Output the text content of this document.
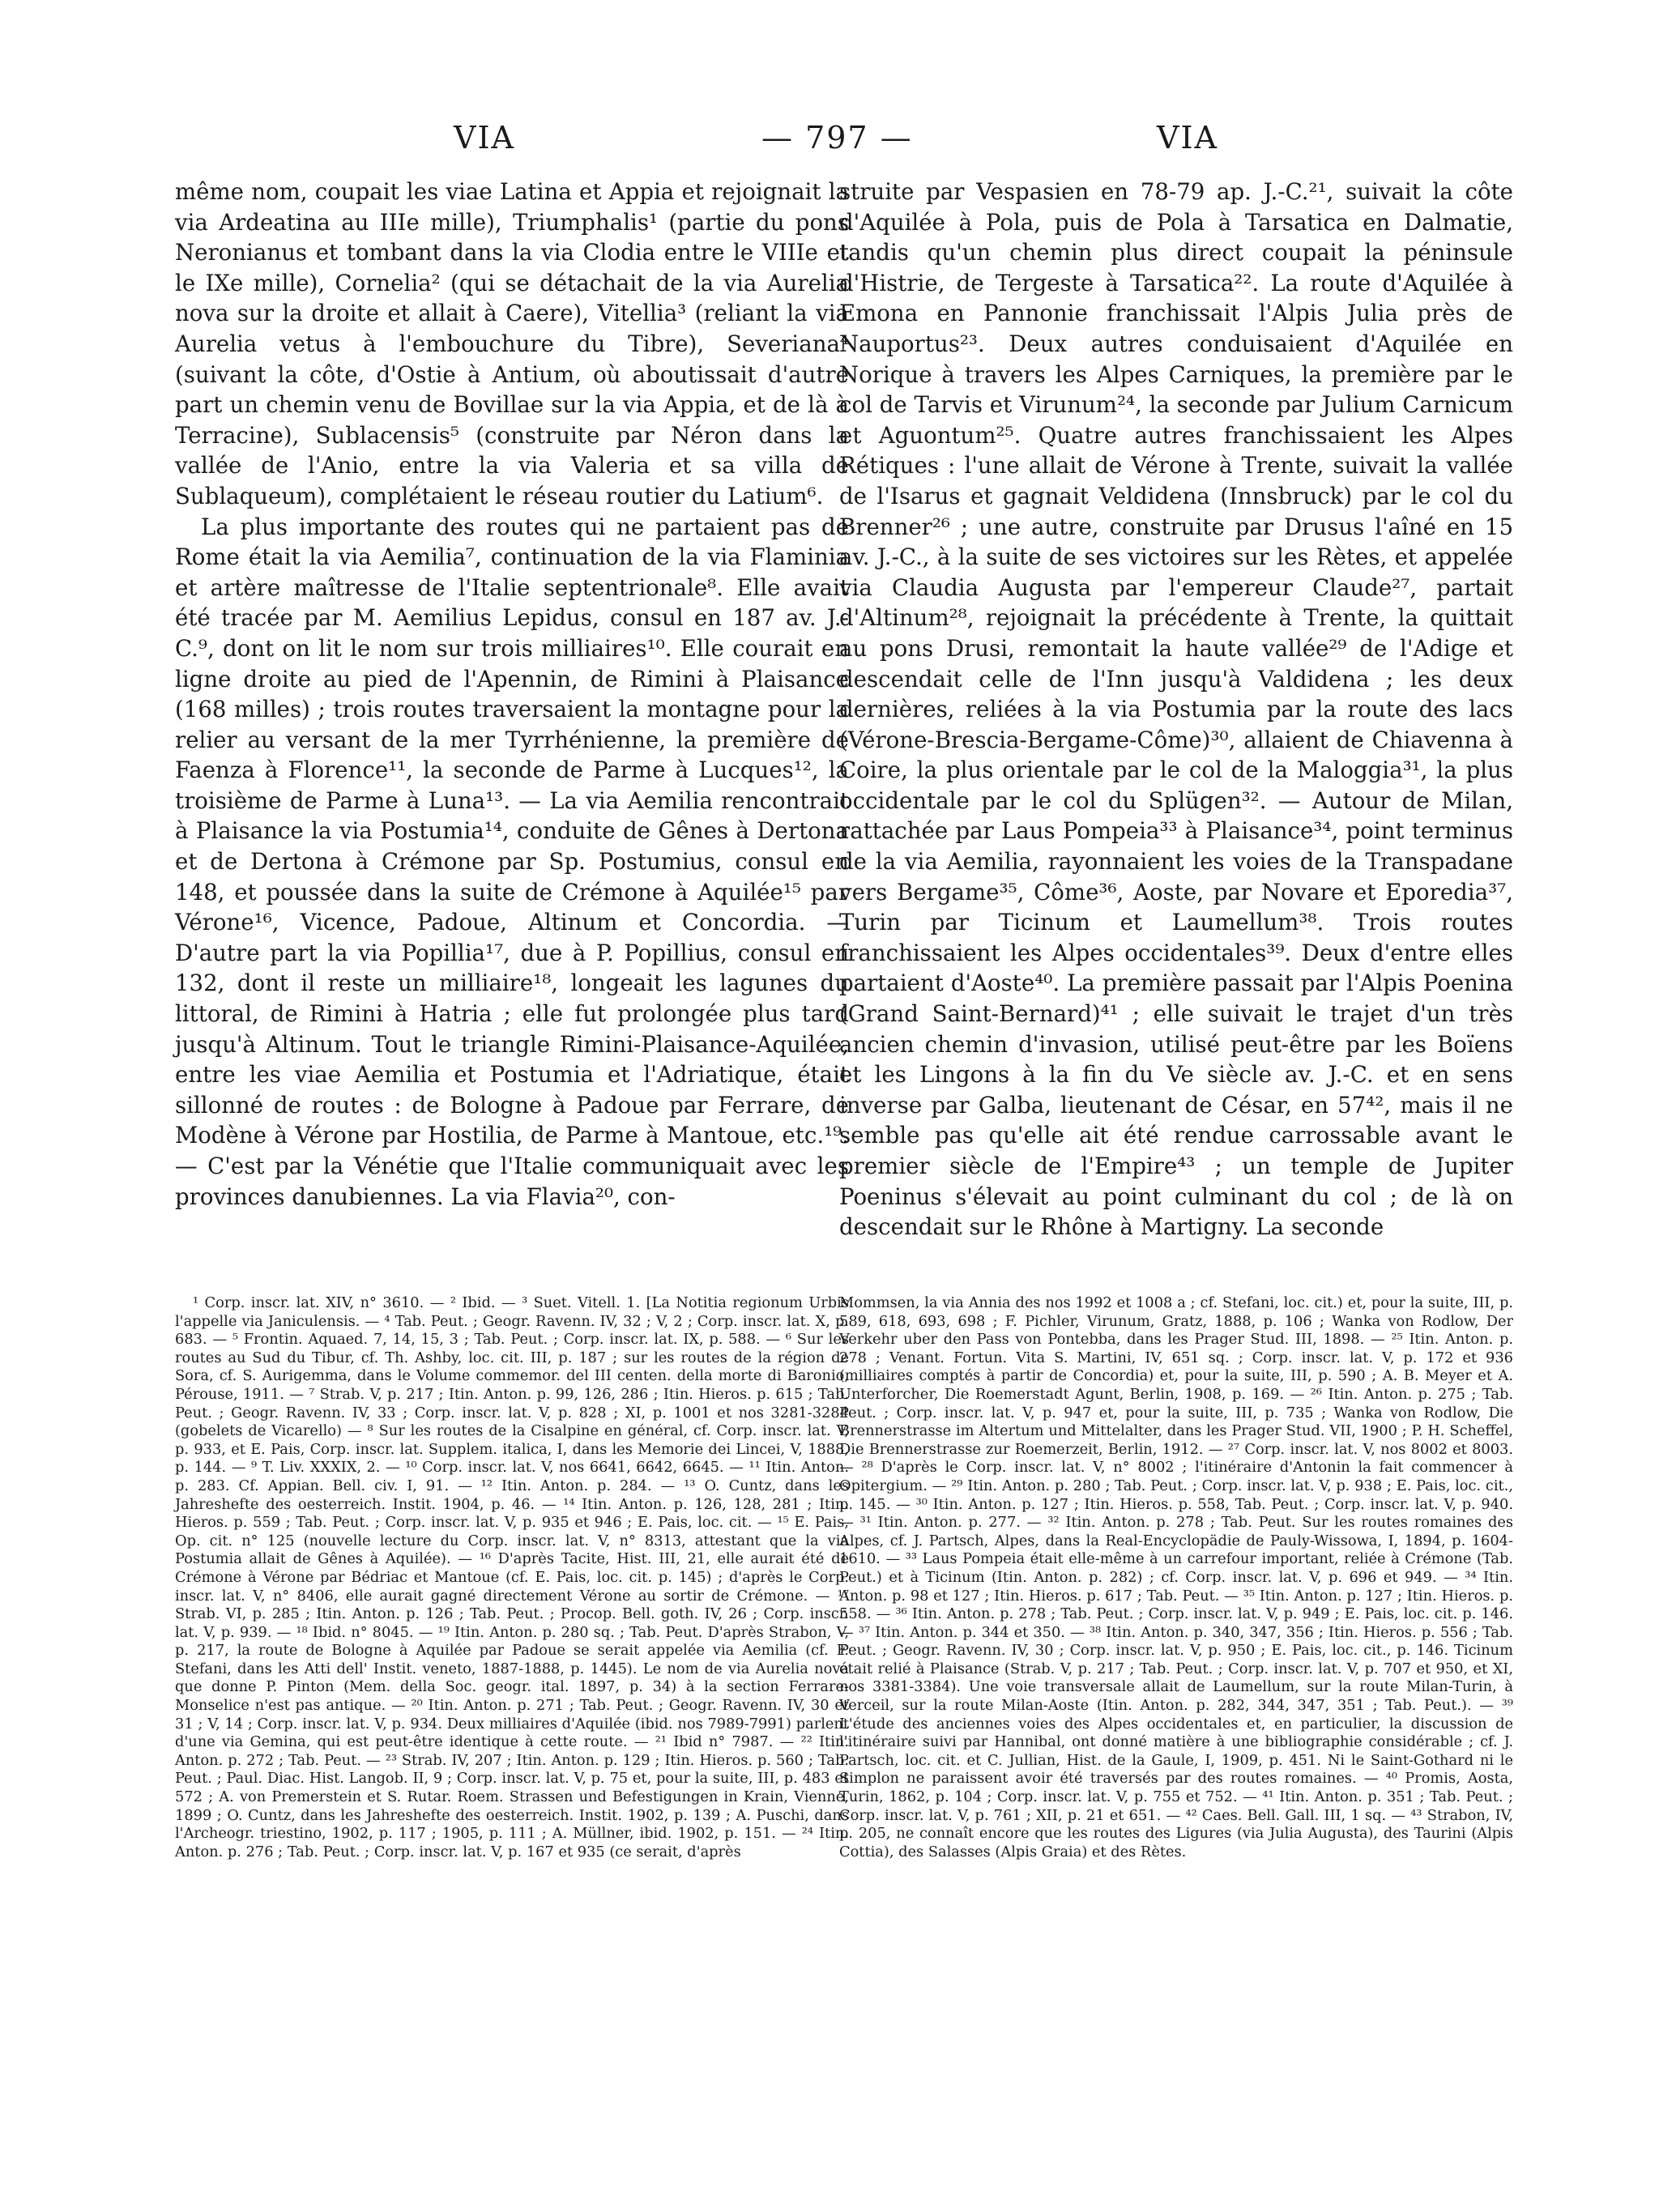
VIA	— 797 —	VIA

même nom, coupait les viae Latina et Appia et rejoignait la via Ardeatina au IIIe mille), Triumphalis¹ (partie du pons Neronianus et tombant dans la via Clodia entre le VIIIe et le IXe mille), Cornelia² (qui se détachait de la via Aurelia nova sur la droite et allait à Caere), Vitellia³ (reliant la via Aurelia vetus à l'embouchure du Tibre), Severiana⁴ (suivant la côte, d'Ostie à Antium, où aboutissait d'autre part un chemin venu de Bovillae sur la via Appia, et de là à Terracine), Sublacensis⁵ (construite par Néron dans la vallée de l'Anio, entre la via Valeria et sa villa de Sublaqueum), complétaient le réseau routier du Latium⁶.

La plus importante des routes qui ne partaient pas de Rome était la via Aemilia⁷, continuation de la via Flaminia et artère maîtresse de l'Italie septentrionale⁸. Elle avait été tracée par M. Aemilius Lepidus, consul en 187 av. J.-C.⁹, dont on lit le nom sur trois milliaires¹⁰. Elle courait en ligne droite au pied de l'Apennin, de Rimini à Plaisance (168 milles) ; trois routes traversaient la montagne pour la relier au versant de la mer Tyrrhénienne, la première de Faenza à Florence¹¹, la seconde de Parme à Lucques¹², la troisième de Parme à Luna¹³. — La via Aemilia rencontrait à Plaisance la via Postumia¹⁴, conduite de Gênes à Dertona et de Dertona à Crémone par Sp. Postumius, consul en 148, et poussée dans la suite de Crémone à Aquilée¹⁵ par Vérone¹⁶, Vicence, Padoue, Altinum et Concordia. — D'autre part la via Popillia¹⁷, due à P. Popillius, consul en 132, dont il reste un milliaire¹⁸, longeait les lagunes du littoral, de Rimini à Hatria ; elle fut prolongée plus tard jusqu'à Altinum. Tout le triangle Rimini-Plaisance-Aquilée, entre les viae Aemilia et Postumia et l'Adriatique, était sillonné de routes : de Bologne à Padoue par Ferrare, de Modène à Vérone par Hostilia, de Parme à Mantoue, etc.¹⁹. — C'est par la Vénétie que l'Italie communiquait avec les provinces danubiennes. La via Flavia²⁰, con-

struite par Vespasien en 78-79 ap. J.-C.²¹, suivait la côte d'Aquilée à Pola, puis de Pola à Tarsatica en Dalmatie, tandis qu'un chemin plus direct coupait la péninsule d'Histrie, de Tergeste à Tarsatica²². La route d'Aquilée à Emona en Pannonie franchissait l'Alpis Julia près de Nauportus²³. Deux autres conduisaient d'Aquilée en Norique à travers les Alpes Carniques, la première par le col de Tarvis et Virunum²⁴, la seconde par Julium Carnicum et Aguontum²⁵. Quatre autres franchissaient les Alpes Rétiques : l'une allait de Vérone à Trente, suivait la vallée de l'Isarus et gagnait Veldidena (Innsbruck) par le col du Brenner²⁶ ; une autre, construite par Drusus l'aîné en 15 av. J.-C., à la suite de ses victoires sur les Rètes, et appelée via Claudia Augusta par l'empereur Claude²⁷, partait d'Altinum²⁸, rejoignait la précédente à Trente, la quittait au pons Drusi, remontait la haute vallée²⁹ de l'Adige et descendait celle de l'Inn jusqu'à Valdidena ; les deux dernières, reliées à la via Postumia par la route des lacs (Vérone-Brescia-Bergame-Côme)³⁰, allaient de Chiavenna à Coire, la plus orientale par le col de la Maloggia³¹, la plus occidentale par le col du Splügen³². — Autour de Milan, rattachée par Laus Pompeia³³ à Plaisance³⁴, point terminus de la via Aemilia, rayonnaient les voies de la Transpadane vers Bergame³⁵, Côme³⁶, Aoste, par Novare et Eporedia³⁷, Turin par Ticinum et Laumellum³⁸. Trois routes franchissaient les Alpes occidentales³⁹. Deux d'entre elles partaient d'Aoste⁴⁰. La première passait par l'Alpis Poenina (Grand Saint-Bernard)⁴¹ ; elle suivait le trajet d'un très ancien chemin d'invasion, utilisé peut-être par les Boïens et les Lingons à la fin du Ve siècle av. J.-C. et en sens inverse par Galba, lieutenant de César, en 57⁴², mais il ne semble pas qu'elle ait été rendue carrossable avant le premier siècle de l'Empire⁴³ ; un temple de Jupiter Poeninus s'élevait au point culminant du col ; de là on descendait sur le Rhône à Martigny. La seconde

¹ Corp. inscr. lat. XIV, n° 3610. — ² Ibid. — ³ Suet. Vitell. 1. [La Notitia regionum Urbis l'appelle via Janiculensis. — ⁴ Tab. Peut. ; Geogr. Ravenn. IV, 32 ; V, 2 ; Corp. inscr. lat. X, p. 683. — ⁵ Frontin. Aquaed. 7, 14, 15, 3 ; Tab. Peut. ; Corp. inscr. lat. IX, p. 588. — ⁶ Sur les routes au Sud du Tibur, cf. Th. Ashby, loc. cit. III, p. 187 ; sur les routes de la région de Sora, cf. S. Aurigemma, dans le Volume commemor. del III centen. della morte di Baronio, Pérouse, 1911. — ⁷ Strab. V, p. 217 ; Itin. Anton. p. 99, 126, 286 ; Itin. Hieros. p. 615 ; Tab. Peut. ; Geogr. Ravenn. IV, 33 ; Corp. inscr. lat. V, p. 828 ; XI, p. 1001 et nos 3281-3284 (gobelets de Vicarello) — ⁸ Sur les routes de la Cisalpine en général, cf. Corp. inscr. lat. V, p. 933, et E. Pais, Corp. inscr. lat. Supplem. italica, I, dans les Memorie dei Lincei, V, 1888, p. 144. — ⁹ T. Liv. XXXIX, 2. — ¹⁰ Corp. inscr. lat. V, nos 6641, 6642, 6645. — ¹¹ Itin. Anton. p. 283. Cf. Appian. Bell. civ. I, 91. — ¹² Itin. Anton. p. 284. — ¹³ O. Cuntz, dans les Jahreshefte des oesterreich. Instit. 1904, p. 46. — ¹⁴ Itin. Anton. p. 126, 128, 281 ; Itin. Hieros. p. 559 ; Tab. Peut. ; Corp. inscr. lat. V, p. 935 et 946 ; E. Pais, loc. cit. — ¹⁵ E. Pais, Op. cit. n° 125 (nouvelle lecture du Corp. inscr. lat. V, n° 8313, attestant que la via Postumia allait de Gênes à Aquilée). — ¹⁶ D'après Tacite, Hist. III, 21, elle aurait été de Crémone à Vérone par Bédriac et Mantoue (cf. E. Pais, loc. cit. p. 145) ; d'après le Corp. inscr. lat. V, n° 8406, elle aurait gagné directement Vérone au sortir de Crémone. — ¹⁷ Strab. VI, p. 285 ; Itin. Anton. p. 126 ; Tab. Peut. ; Procop. Bell. goth. IV, 26 ; Corp. inscr. lat. V, p. 939. — ¹⁸ Ibid. n° 8045. — ¹⁹ Itin. Anton. p. 280 sq. ; Tab. Peut. D'après Strabon, V, p. 217, la route de Bologne à Aquilée par Padoue se serait appelée via Aemilia (cf. F. Stefani, dans les Atti dell' Instit. veneto, 1887-1888, p. 1445). Le nom de via Aurelia nova que donne P. Pinton (Mem. della Soc. geogr. ital. 1897, p. 34) à la section Ferrare-Monselice n'est pas antique. — ²⁰ Itin. Anton. p. 271 ; Tab. Peut. ; Geogr. Ravenn. IV, 30 et 31 ; V, 14 ; Corp. inscr. lat. V, p. 934. Deux milliaires d'Aquilée (ibid. nos 7989-7991) parlent d'une via Gemina, qui est peut-être identique à cette route. — ²¹ Ibid n° 7987. — ²² Itin. Anton. p. 272 ; Tab. Peut. — ²³ Strab. IV, 207 ; Itin. Anton. p. 129 ; Itin. Hieros. p. 560 ; Tab. Peut. ; Paul. Diac. Hist. Langob. II, 9 ; Corp. inscr. lat. V, p. 75 et, pour la suite, III, p. 483 et 572 ; A. von Premerstein et S. Rutar. Roem. Strassen und Befestigungen in Krain, Vienne, 1899 ; O. Cuntz, dans les Jahreshefte des oesterreich. Instit. 1902, p. 139 ; A. Puschi, dans l'Archeogr. triestino, 1902, p. 117 ; 1905, p. 111 ; A. Müllner, ibid. 1902, p. 151. — ²⁴ Itin. Anton. p. 276 ; Tab. Peut. ; Corp. inscr. lat. V, p. 167 et 935 (ce serait, d'après

Mommsen, la via Annia des nos 1992 et 1008 a ; cf. Stefani, loc. cit.) et, pour la suite, III, p. 589, 618, 693, 698 ; F. Pichler, Virunum, Gratz, 1888, p. 106 ; Wanka von Rodlow, Der Verkehr uber den Pass von Pontebba, dans les Prager Stud. III, 1898. — ²⁵ Itin. Anton. p. 278 ; Venant. Fortun. Vita S. Martini, IV, 651 sq. ; Corp. inscr. lat. V, p. 172 et 936 (milliaires comptés à partir de Concordia) et, pour la suite, III, p. 590 ; A. B. Meyer et A. Unterforcher, Die Roemerstadt Agunt, Berlin, 1908, p. 169. — ²⁶ Itin. Anton. p. 275 ; Tab. Peut. ; Corp. inscr. lat. V, p. 947 et, pour la suite, III, p. 735 ; Wanka von Rodlow, Die Brennerstrasse im Altertum und Mittelalter, dans les Prager Stud. VII, 1900 ; P. H. Scheffel, Die Brennerstrasse zur Roemerzeit, Berlin, 1912. — ²⁷ Corp. inscr. lat. V, nos 8002 et 8003. — ²⁸ D'après le Corp. inscr. lat. V, n° 8002 ; l'itinéraire d'Antonin la fait commencer à Opitergium. — ²⁹ Itin. Anton. p. 280 ; Tab. Peut. ; Corp. inscr. lat. V, p. 938 ; E. Pais, loc. cit., p. 145. — ³⁰ Itin. Anton. p. 127 ; Itin. Hieros. p. 558, Tab. Peut. ; Corp. inscr. lat. V, p. 940. — ³¹ Itin. Anton. p. 277. — ³² Itin. Anton. p. 278 ; Tab. Peut. Sur les routes romaines des Alpes, cf. J. Partsch, Alpes, dans la Real-Encyclopädie de Pauly-Wissowa, I, 1894, p. 1604-1610. — ³³ Laus Pompeia était elle-même à un carrefour important, reliée à Crémone (Tab. Peut.) et à Ticinum (Itin. Anton. p. 282) ; cf. Corp. inscr. lat. V, p. 696 et 949. — ³⁴ Itin. Anton. p. 98 et 127 ; Itin. Hieros. p. 617 ; Tab. Peut. — ³⁵ Itin. Anton. p. 127 ; Itin. Hieros. p. 558. — ³⁶ Itin. Anton. p. 278 ; Tab. Peut. ; Corp. inscr. lat. V, p. 949 ; E. Pais, loc. cit. p. 146. — ³⁷ Itin. Anton. p. 344 et 350. — ³⁸ Itin. Anton. p. 340, 347, 356 ; Itin. Hieros. p. 556 ; Tab. Peut. ; Geogr. Ravenn. IV, 30 ; Corp. inscr. lat. V, p. 950 ; E. Pais, loc. cit., p. 146. Ticinum était relié à Plaisance (Strab. V, p. 217 ; Tab. Peut. ; Corp. inscr. lat. V, p. 707 et 950, et XI, nos 3381-3384). Une voie transversale allait de Laumellum, sur la route Milan-Turin, à Verceil, sur la route Milan-Aoste (Itin. Anton. p. 282, 344, 347, 351 ; Tab. Peut.). — ³⁹ L'étude des anciennes voies des Alpes occidentales et, en particulier, la discussion de l'itinéraire suivi par Hannibal, ont donné matière à une bibliographie considérable ; cf. J. Partsch, loc. cit. et C. Jullian, Hist. de la Gaule, I, 1909, p. 451. Ni le Saint-Gothard ni le Simplon ne paraissent avoir été traversés par des routes romaines. — ⁴⁰ Promis, Aosta, Turin, 1862, p. 104 ; Corp. inscr. lat. V, p. 755 et 752. — ⁴¹ Itin. Anton. p. 351 ; Tab. Peut. ; Corp. inscr. lat. V, p. 761 ; XII, p. 21 et 651. — ⁴² Caes. Bell. Gall. III, 1 sq. — ⁴³ Strabon, IV, p. 205, ne connaît encore que les routes des Ligures (via Julia Augusta), des Taurini (Alpis Cottia), des Salasses (Alpis Graia) et des Rètes.
